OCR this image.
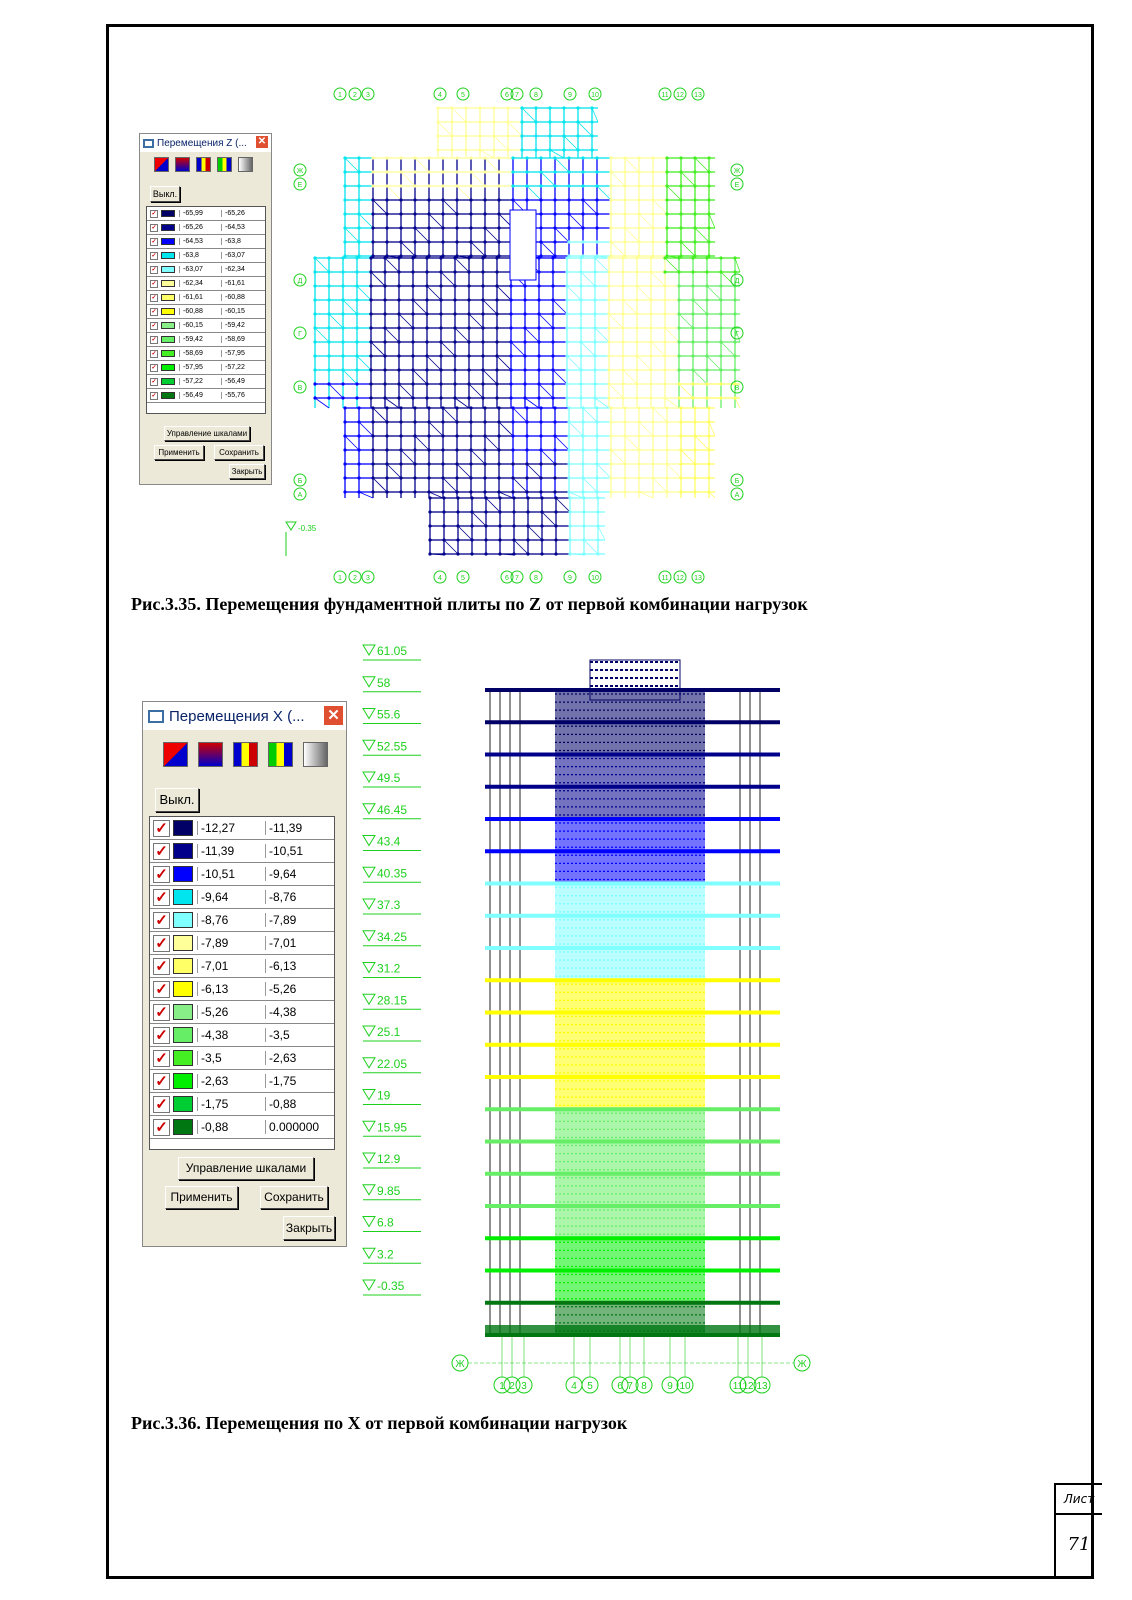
Перемещения Z (... ✕
Выкл.
✓	-65,99	-65,26
✓	-65,26	-64,53
✓	-64,53	-63,8
✓	-63,8	-63,07
✓	-63,07	-62,34
✓	-62,34	-61,61
✓	-61,61	-60,88
✓	-60,88	-60,15
✓	-60,15	-59,42
✓	-59,42	-58,69
✓	-58,69	-57,95
✓	-57,95	-57,22
✓	-57,22	-56,49
✓	-56,49	-55,76
Управление шкалами
Применить	Сохранить
Закрыть
1 2 3	4	5	6 7 8	9	10	11 12 13
1 2 3	4	5	6 7 8	9	10	11 12 13
Ж	Ж
Е	Е
Д	Д
Г	Г
В	В
Б	Б
А	А
-0.35
Рис.3.35. Перемещения фундаментной плиты по Z от первой комбинации нагрузок
Перемещения X (... ✕
Выкл.
✓	-12,27	-11,39
✓	-11,39	-10,51
✓	-10,51	-9,64
✓	-9,64	-8,76
✓	-8,76	-7,89
✓	-7,89	-7,01
✓	-7,01	-6,13
✓	-6,13	-5,26
✓	-5,26	-4,38
✓	-4,38	-3,5
✓	-3,5	-2,63
✓	-2,63	-1,75
✓	-1,75	-0,88
✓	-0,88	0.000000
Управление шкалами
Применить	Сохранить
Закрыть
61.05
58
55.6
52.55
49.5
46.45
43.4
40.35
37.3
34.25
31.2
28.15
25.1
22.05
19
15.95
12.9
9.85
6.8
3.2
-0.35
1 2 3	4 5 6 7 8 9 10	11 12 13
Ж	Ж
Рис.3.36. Перемещения по X от первой комбинации нагрузок
Лист
71
